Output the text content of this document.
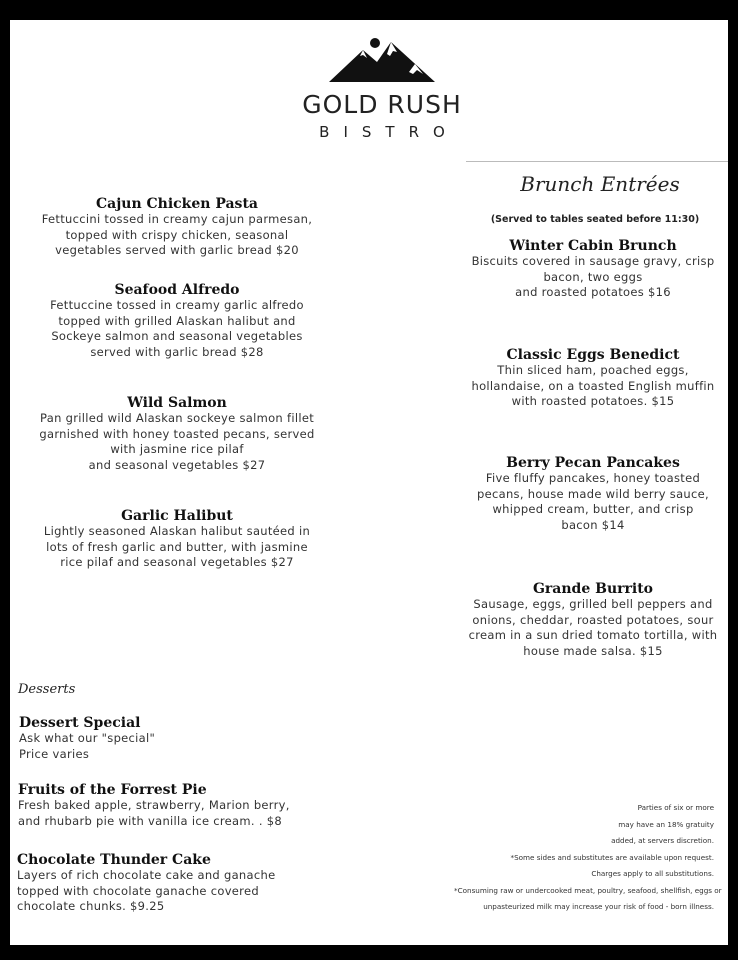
GOLD RUSH
BISTRO
Cajun Chicken Pasta
Fettuccini tossed in creamy cajun parmesan,
topped with crispy chicken, seasonal
vegetables served with garlic bread $20
Seafood Alfredo
Fettuccine tossed in creamy garlic alfredo
topped with grilled Alaskan halibut and
Sockeye salmon and seasonal vegetables
served with garlic bread $28
Wild Salmon
Pan grilled wild Alaskan sockeye salmon fillet
garnished with honey toasted pecans, served
with jasmine rice pilaf
and seasonal vegetables $27
Garlic Halibut
Lightly seasoned Alaskan halibut sautéed in
lots of fresh garlic and butter, with jasmine
rice pilaf and seasonal vegetables $27
Brunch Entrées
(Served to tables seated before 11:30)
Winter Cabin Brunch
Biscuits covered in sausage gravy, crisp
bacon, two eggs
and roasted potatoes $16
Classic Eggs Benedict
Thin sliced ham, poached eggs,
hollandaise, on a toasted English muffin
with roasted potatoes. $15
Berry Pecan Pancakes
Five fluffy pancakes, honey toasted
pecans, house made wild berry sauce,
whipped cream, butter, and crisp
bacon $14
Grande Burrito
Sausage, eggs, grilled bell peppers and
onions, cheddar, roasted potatoes, sour
cream in a sun dried tomato tortilla, with
house made salsa. $15
Desserts
Dessert Special
Ask what our "special"
Price varies
Fruits of the Forrest Pie
Fresh baked apple, strawberry, Marion berry,
and rhubarb pie with vanilla ice cream. . $8
Chocolate Thunder Cake
Layers of rich chocolate cake and ganache
topped with chocolate ganache covered
chocolate chunks. $9.25
Parties of six or more
may have an 18% gratuity
added, at servers discretion.
*Some sides and substitutes are available upon request.
Charges apply to all substitutions.
*Consuming raw or undercooked meat, poultry, seafood, shellfish, eggs or
unpasteurized milk may increase your risk of food - born illness.
